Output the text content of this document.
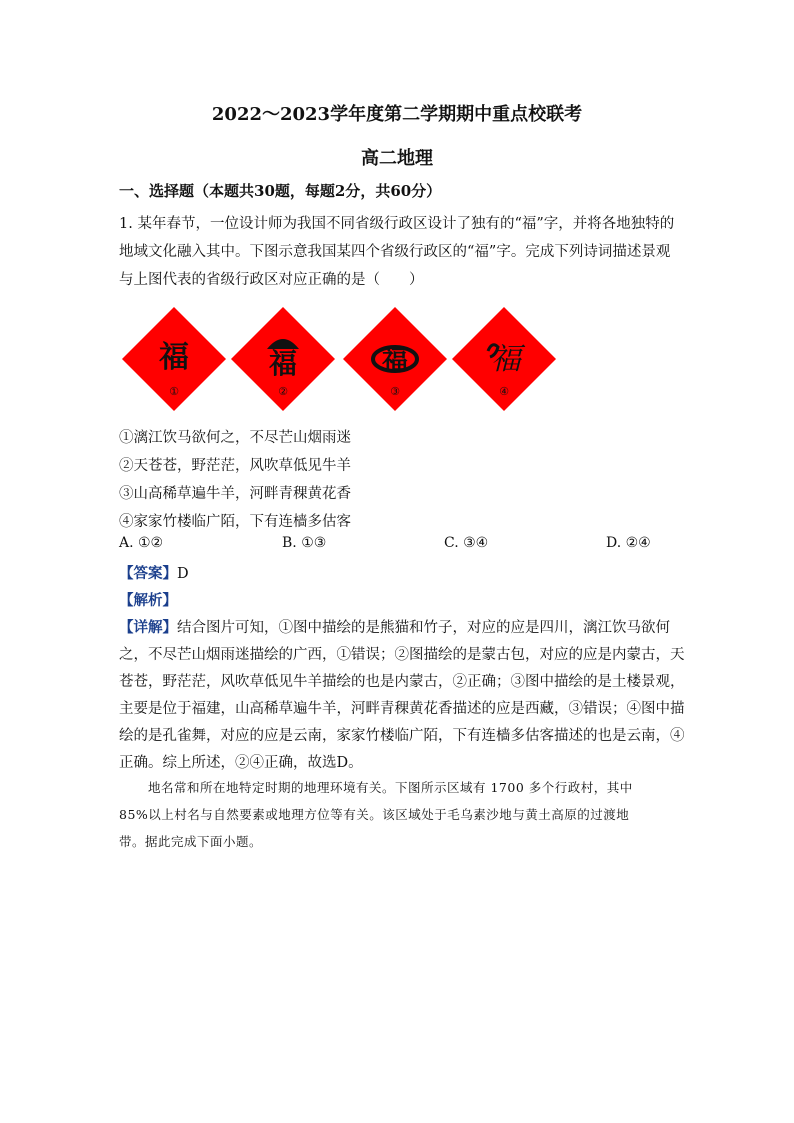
2022～2023学年度第二学期期中重点校联考
高二地理
一、选择题（本题共30题，每题2分，共60分）
1. 某年春节，一位设计师为我国不同省级行政区设计了独有的“福”字，并将各地独特的
地域文化融入其中。下图示意我国某四个省级行政区的“福”字。完成下列诗词描述景观
与上图代表的省级行政区对应正确的是（　　）
福
①
福
②
福
③
福
④
①漓江饮马欲何之，不尽芒山烟雨迷
②天苍苍，野茫茫，风吹草低见牛羊
③山高稀草遍牛羊，河畔青稞黄花香
④家家竹楼临广陌，下有连樯多估客
A. ①②	B. ①③	C. ③④	D. ②④
【答案】D
【解析】
【详解】结合图片可知，①图中描绘的是熊猫和竹子，对应的应是四川，漓江饮马欲何
之，不尽芒山烟雨迷描绘的广西，①错误；②图描绘的是蒙古包，对应的应是内蒙古，天
苍苍，野茫茫，风吹草低见牛羊描绘的也是内蒙古，②正确；③图中描绘的是土楼景观，
主要是位于福建，山高稀草遍牛羊，河畔青稞黄花香描述的应是西藏，③错误；④图中描
绘的是孔雀舞，对应的应是云南，家家竹楼临广陌，下有连樯多估客描述的也是云南，④
正确。综上所述，②④正确，故选D。
地名常和所在地特定时期的地理环境有关。下图所示区域有 1700 多个行政村，其中
85%以上村名与自然要素或地理方位等有关。该区域处于毛乌素沙地与黄土高原的过渡地
带。据此完成下面小题。
